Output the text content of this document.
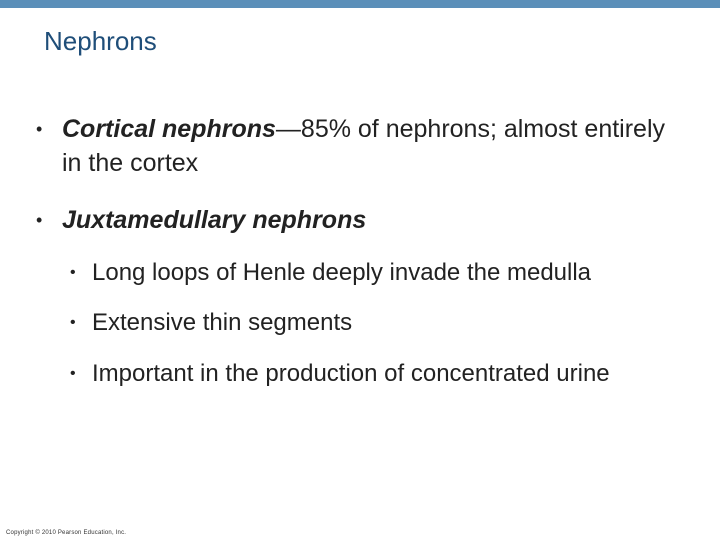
Nephrons
• Cortical nephrons—85% of nephrons; almost entirely in the cortex
• Juxtamedullary nephrons
• Long loops of Henle deeply invade the medulla
• Extensive thin segments
• Important in the production of concentrated urine
Copyright © 2010 Pearson Education, Inc.
